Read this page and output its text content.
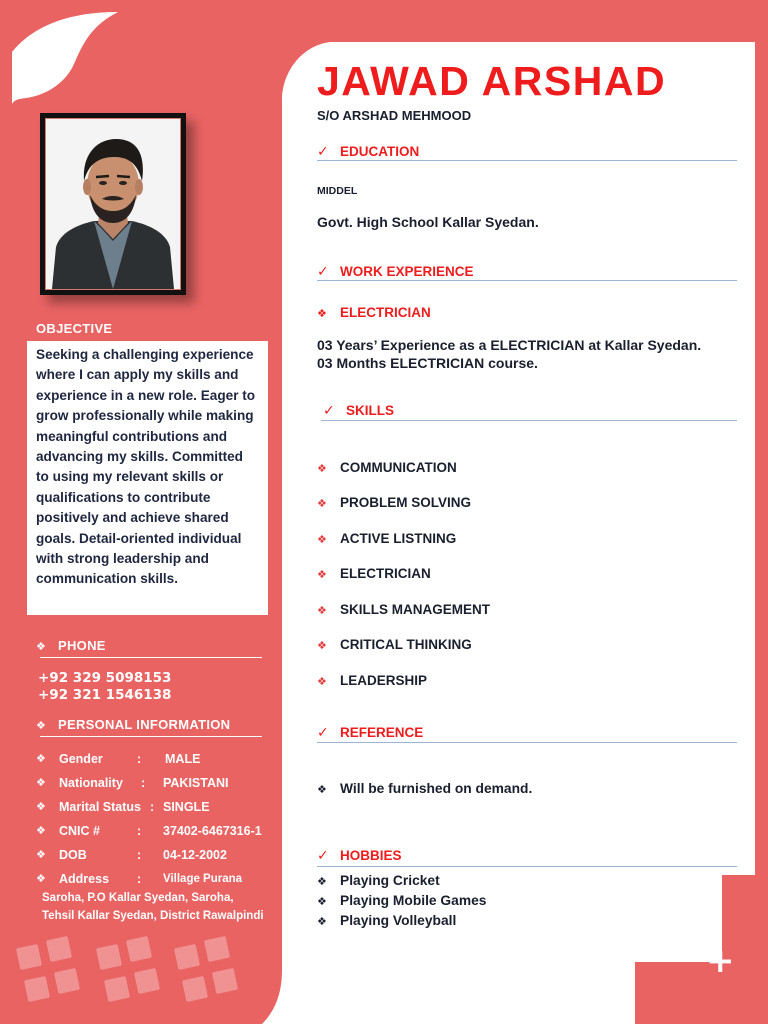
+
OBJECTIVE

Seeking a challenging experience where I can apply my skills and experience in a new role. Eager to grow professionally while making meaningful contributions and advancing my skills. Committed to using my relevant skills or qualifications to contribute positively and achieve shared goals. Detail-oriented individual with strong leadership and communication skills.

❖ PHONE
+92 329 5098153
+92 321 1546138
❖ PERSONAL INFORMATION
❖ Gender	: MALE
❖ Nationality : PAKISTANI
❖ Marital Status : SINGLE
❖ CNIC #	: 37402-6467316-1
❖ DOB	: 04-12-2002
❖ Address : Village Purana
Saroha, P.O Kallar Syedan, Saroha,
Tehsil Kallar Syedan, District Rawalpindi
JAWAD ARSHAD
S/O ARSHAD MEHMOOD
✓ EDUCATION
MIDDEL
Govt. High School Kallar Syedan.
✓ WORK EXPERIENCE
❖ ELECTRICIAN
03 Years’ Experience as a ELECTRICIAN at Kallar Syedan.
03 Months ELECTRICIAN course.
✓ SKILLS
❖ COMMUNICATION
❖ PROBLEM SOLVING
❖ ACTIVE LISTNING
❖ ELECTRICIAN
❖ SKILLS MANAGEMENT
❖ CRITICAL THINKING
❖ LEADERSHIP
✓ REFERENCE
❖ Will be furnished on demand.
✓ HOBBIES
❖ Playing Cricket
❖ Playing Mobile Games
❖ Playing Volleyball
